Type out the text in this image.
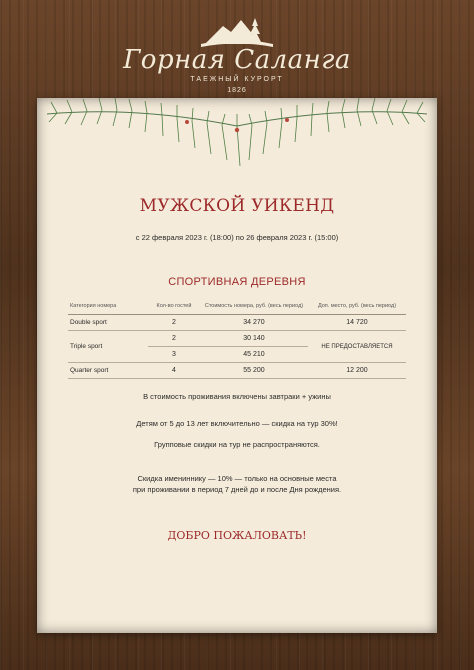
Горная Саланга
ТАЕЖНЫЙ КУРОРТ
1826
МУЖСКОЙ УИКЕНД
с 22 февраля 2023 г. (18:00) по 26 февраля 2023 г. (15:00)
СПОРТИВНАЯ ДЕРЕВНЯ
Категория номера	Кол-во гостей	Стоимость номера, руб. (весь период)	Доп. место, руб. (весь период)
Double sport	2	34 270	14 720
Triple sport	2	30 140	НЕ ПРЕДОСТАВЛЯЕТСЯ
	3	45 210	
Quarter sport	4	55 200	12 200
В стоимость проживания включены завтраки + ужины
Детям от 5 до 13 лет включительно — скидка на тур 30%!
Групповые скидки на тур не распространяются.
Скидка имениннику — 10% — только на основные места
при проживании в период 7 дней до и после Дня рождения.
ДОБРО ПОЖАЛОВАТЬ!
